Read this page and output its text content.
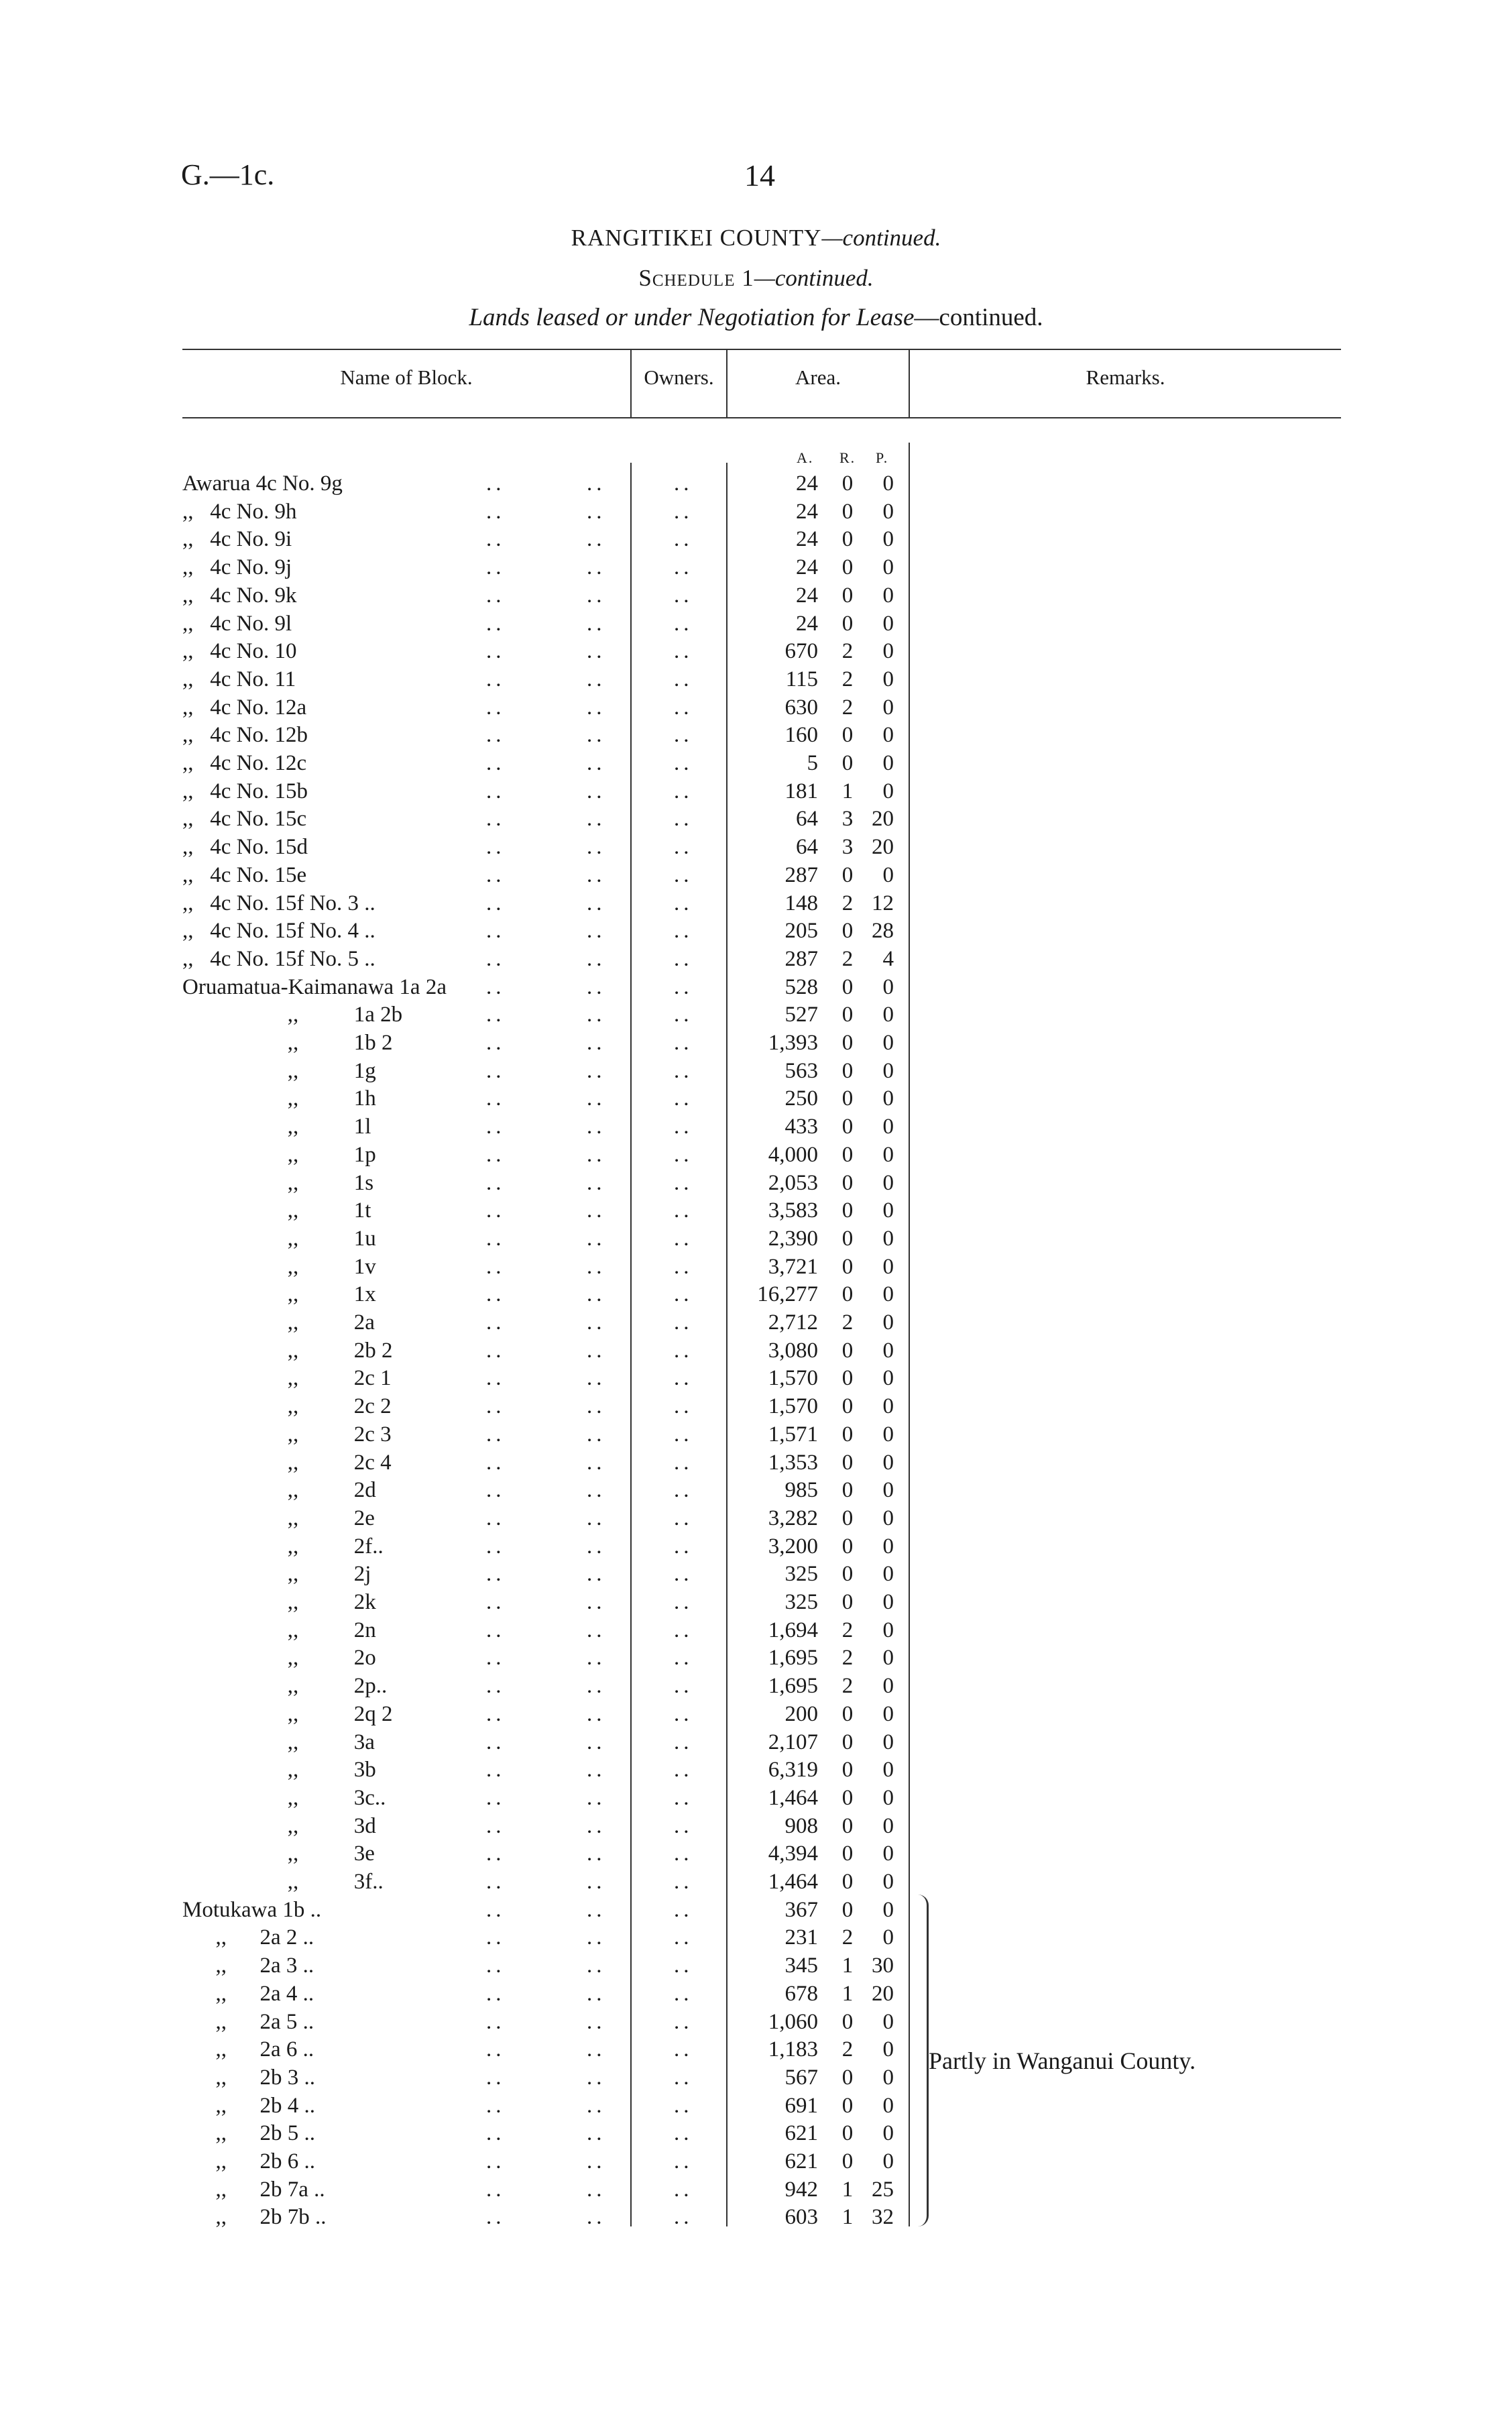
G.—1c.	14
RANGITIKEI COUNTY—continued.
Schedule 1—continued.
Lands leased or under Negotiation for Lease—continued.
Name of Block.	Owners.	Area.	Remarks.
A. R. P.
Awarua 4c No. 9g	..	..	..	24 0	0
,,   4c No. 9h	..	..	..	24 0	0
,,   4c No. 9i	..	..	..	24 0	0
,,   4c No. 9j	..	..	..	24 0	0
,,   4c No. 9k	..	..	..	24 0	0
,,   4c No. 9l	..	..	..	24 0	0
,,   4c No. 10	..	..	..	670 2	0
,,   4c No. 11	..	..	..	115 2	0
,,   4c No. 12a	..	..	..	630 2	0
,,   4c No. 12b	..	..	..	160 0	0
,,   4c No. 12c	..	..	..	5 0	0
,,   4c No. 15b	..	..	..	181 1	0
,,   4c No. 15c	..	..	..	64 3 20
,,   4c No. 15d	..	..	..	64 3 20
,,   4c No. 15e	..	..	..	287 0	0
,,   4c No. 15f No. 3 ..	..	..	..	148 2 12
,,   4c No. 15f No. 4 ..	..	..	..	205 0 28
,,   4c No. 15f No. 5 ..	..	..	..	287 2	4
Oruamatua-Kaimanawa 1a 2a ..	..	..	528 0	0
,,          1a 2b	..	..	..	527 0	0
,,          1b 2	..	..	..	1,393 0	0
,,          1g	..	..	..	563 0	0
,,          1h	..	..	..	250 0	0
,,          1l	..	..	..	433 0	0
,,          1p	..	..	..	4,000 0	0
,,          1s	..	..	..	2,053 0	0
,,          1t	..	..	..	3,583 0	0
,,          1u	..	..	..	2,390 0	0
,,          1v	..	..	..	3,721 0	0
,,          1x	..	..	..	16,277 0	0
,,          2a	..	..	..	2,712 2	0
,,          2b 2	..	..	..	3,080 0	0
,,          2c 1	..	..	..	1,570 0	0
,,          2c 2	..	..	..	1,570 0	0
,,          2c 3	..	..	..	1,571 0	0
,,          2c 4	..	..	..	1,353 0	0
,,          2d	..	..	..	985 0	0
,,          2e	..	..	..	3,282 0	0
,,          2f..	..	..	..	3,200 0	0
,,          2j	..	..	..	325 0	0
,,          2k	..	..	..	325 0	0
,,          2n	..	..	..	1,694 2	0
,,          2o	..	..	..	1,695 2	0
,,          2p..	..	..	..	1,695 2	0
,,          2q 2	..	..	..	200 0	0
,,          3a	..	..	..	2,107 0	0
,,          3b	..	..	..	6,319 0	0
,,          3c..	..	..	..	1,464 0	0
,,          3d	..	..	..	908 0	0
,,          3e	..	..	..	4,394 0	0
,,          3f..	..	..	..	1,464 0	0
Motukawa 1b ..	..	..	..	367 0	0
,,      2a 2 ..	..	..	..	231 2	0
,,      2a 3 ..	..	..	..	345 1 30
,,      2a 4 ..	..	..	..	678 1 20
,,      2a 5 ..	..	..	..	1,060 0	0
,,      2a 6 ..	..	..	..	1,183 2	0
,,      2b 3 ..	..	..	..	567 0	0
,,      2b 4 ..	..	..	..	691 0	0
,,      2b 5 ..	..	..	..	621 0	0
,,      2b 6 ..	..	..	..	621 0	0
,,      2b 7a ..	..	..	..	942 1 25
,,      2b 7b ..	..	..	..	603 1 32
Partly in Wanganui County.
